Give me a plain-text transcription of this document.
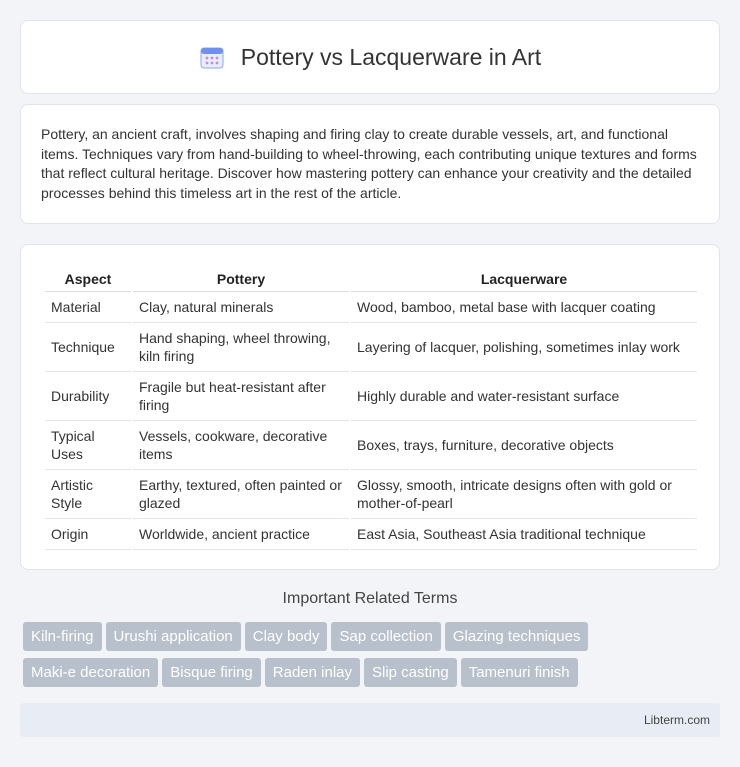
Pottery vs Lacquerware in Art

Pottery, an ancient craft, involves shaping and firing clay to create durable vessels, art, and functional items. Techniques vary from hand-building to wheel-throwing, each contributing unique textures and forms that reflect cultural heritage. Discover how mastering pottery can enhance your creativity and the detailed processes behind this timeless art in the rest of the article.

Aspect	Pottery	Lacquerware
Material	Clay, natural minerals	Wood, bamboo, metal base with lacquer coating
Technique	Hand shaping, wheel throwing, kiln firing	Layering of lacquer, polishing, sometimes inlay work
Durability	Fragile but heat-resistant after firing	Highly durable and water-resistant surface
Typical Uses	Vessels, cookware, decorative items	Boxes, trays, furniture, decorative objects
Artistic Style	Earthy, textured, often painted or glazed	Glossy, smooth, intricate designs often with gold or mother-of-pearl
Origin	Worldwide, ancient practice	East Asia, Southeast Asia traditional technique
Important Related Terms
Kiln-firing Urushi application Clay body Sap collection Glazing techniques
Maki-e decoration Bisque firing Raden inlay Slip casting Tamenuri finish
Libterm.com
